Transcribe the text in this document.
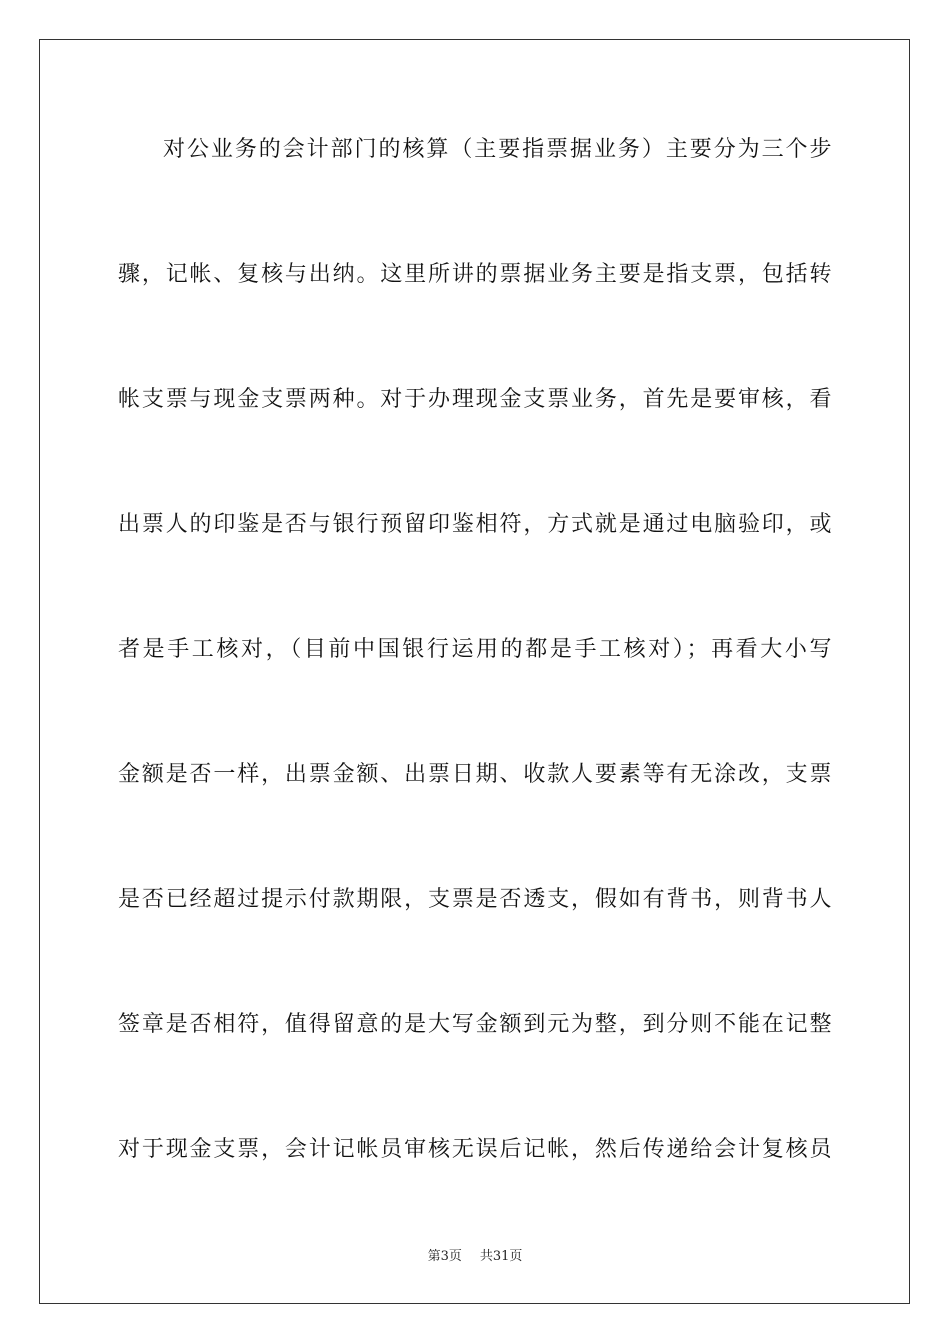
对公业务的会计部门的核算（主要指票据业务）主要分为三个步
骤，记帐、复核与出纳。这里所讲的票据业务主要是指支票，包括转
帐支票与现金支票两种。对于办理现金支票业务，首先是要审核，看
出票人的印鉴是否与银行预留印鉴相符，方式就是通过电脑验印，或
者是手工核对，（目前中国银行运用的都是手工核对）；再看大小写
金额是否一样，出票金额、出票日期、收款人要素等有无涂改，支票
是否已经超过提示付款期限，支票是否透支，假如有背书，则背书人
签章是否相符，值得留意的是大写金额到元为整，到分则不能在记整
对于现金支票，会计记帐员审核无误后记帐，然后传递给会计复核员
第3页 共31页
